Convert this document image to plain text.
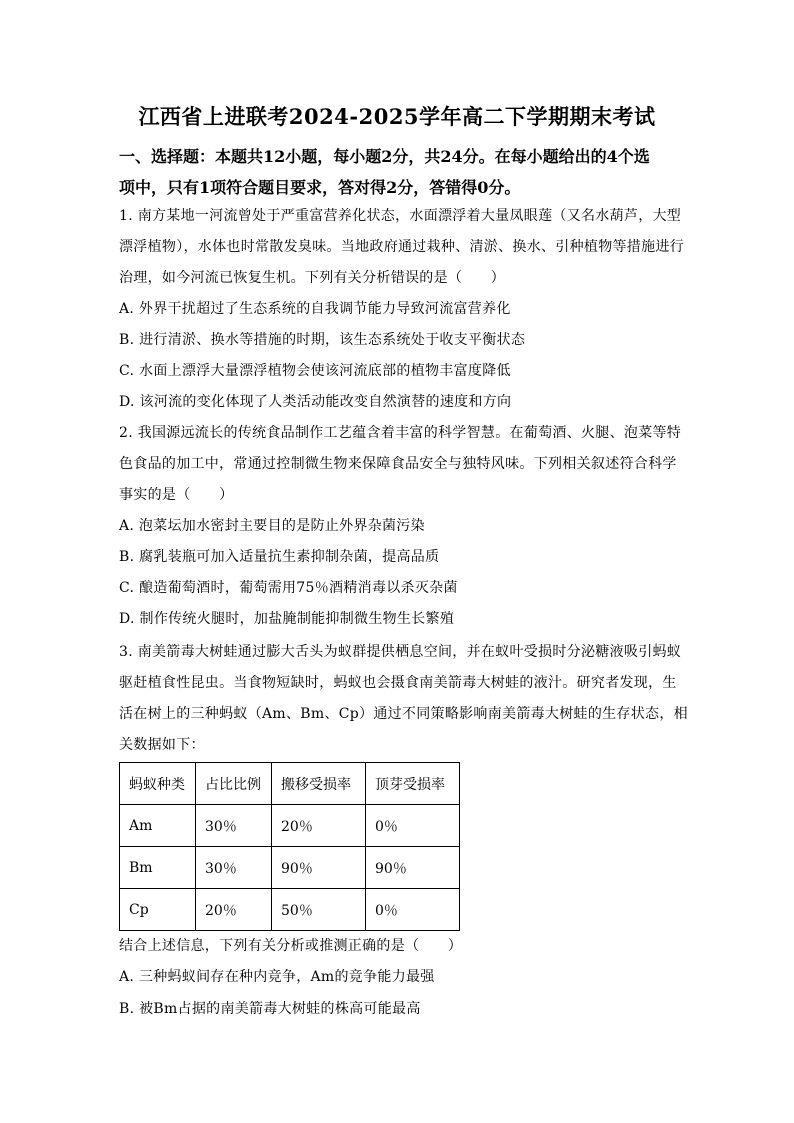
江西省上进联考2024-2025学年高二下学期期末考试
一、选择题：本题共12小题，每小题2分，共24分。在每小题给出的4个选
项中，只有1项符合题目要求，答对得2分，答错得0分。
1. 南方某地一河流曾处于严重富营养化状态，水面漂浮着大量凤眼莲（又名水葫芦，大型
漂浮植物），水体也时常散发臭味。当地政府通过栽种、清淤、换水、引种植物等措施进行
治理，如今河流已恢复生机。下列有关分析错误的是（　　）
A. 外界干扰超过了生态系统的自我调节能力导致河流富营养化
B. 进行清淤、换水等措施的时期，该生态系统处于收支平衡状态
C. 水面上漂浮大量漂浮植物会使该河流底部的植物丰富度降低
D. 该河流的变化体现了人类活动能改变自然演替的速度和方向
2. 我国源远流长的传统食品制作工艺蕴含着丰富的科学智慧。在葡萄酒、火腿、泡菜等特
色食品的加工中，常通过控制微生物来保障食品安全与独特风味。下列相关叙述符合科学
事实的是（　　）
A. 泡菜坛加水密封主要目的是防止外界杂菌污染
B. 腐乳装瓶可加入适量抗生素抑制杂菌，提高品质
C. 酿造葡萄酒时，葡萄需用75％酒精消毒以杀灭杂菌
D. 制作传统火腿时，加盐腌制能抑制微生物生长繁殖
3. 南美箭毒大树蛙通过膨大舌头为蚁群提供栖息空间，并在蚁叶受损时分泌糖液吸引蚂蚁
驱赶植食性昆虫。当食物短缺时，蚂蚁也会摄食南美箭毒大树蛙的液汁。研究者发现，生
活在树上的三种蚂蚁（Am、Bm、Cp）通过不同策略影响南美箭毒大树蛙的生存状态，相
关数据如下：
蚂蚁种类	占比比例	搬移受损率	顶芽受损率
Am	30％	20％	0％
Bm	30％	90％	90％
Cp	20％	50％	0％
结合上述信息，下列有关分析或推测正确的是（　　）
A. 三种蚂蚁间存在种内竞争，Am的竞争能力最强
B. 被Bm占据的南美箭毒大树蛙的株高可能最高
